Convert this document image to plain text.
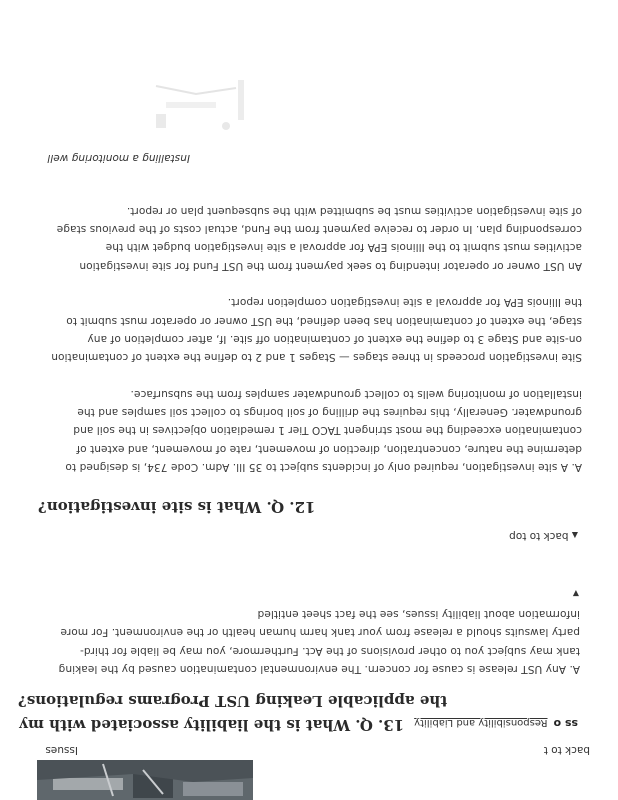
back to t
Issues
ss o
Responsibility and Liability
13. Q. What is the liability associated with my
the applicable Leaking UST Programs regulations?
A. Any UST release is cause for concern. The environmental contamination caused by the leaking
tank may subject you to other provisions of the Act. Furthermore, you may be liable for third-
party lawsuits should a release from your tank harm human health or the environment. For more
information about liability issues, see the fact sheet entitled
▼
▲ back to top
12. Q. What is site investigation?
A. A site investigation, required only of incidents subject to 35 Ill. Adm. Code 734, is designed to
determine the nature, concentration, direction of movement, rate of movement, and extent of
contamination exceeding the most stringent TACO Tier 1 remediation objectives in the soil and
groundwater. Generally, this requires the drilling of soil borings to collect soil samples and the
installation of monitoring wells to collect groundwater samples from the subsurface.

Site investigation proceeds in three stages — Stages 1 and 2 to define the extent of contamination
on-site and Stage 3 to define the extent of contamination off site. If, after completion of any
stage, the extent of contamination has been defined, the UST owner or operator must submit to
the Illinois EPA for approval a site investigation completion report.

An UST owner or operator intending to seek payment from the UST Fund for site investigation
activities must submit to the Illinois EPA for approval a site investigation budget with the
corresponding plan. In order to receive payment from the Fund, actual costs of the previous stage
of site investigation activities must be submitted with the subsequent plan or report.
Installing a monitoring well
